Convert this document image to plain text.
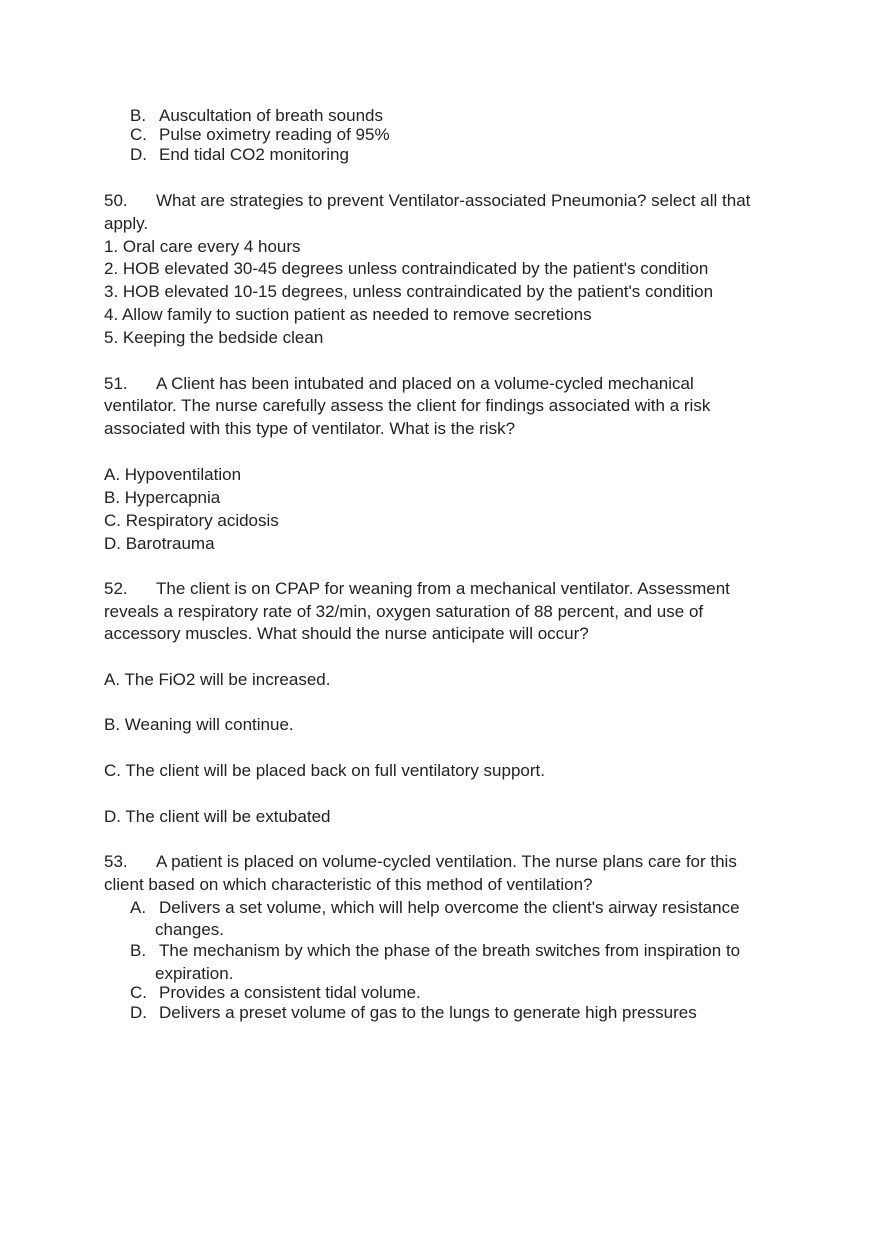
B. Auscultation of breath sounds
C. Pulse oximetry reading of 95%
D. End tidal CO2 monitoring
50. What are strategies to prevent Ventilator-associated Pneumonia? select all that
apply.
1. Oral care every 4 hours
2. HOB elevated 30-45 degrees unless contraindicated by the patient's condition
3. HOB elevated 10-15 degrees, unless contraindicated by the patient's condition
4. Allow family to suction patient as needed to remove secretions
5. Keeping the bedside clean
51. A Client has been intubated and placed on a volume-cycled mechanical
ventilator. The nurse carefully assess the client for findings associated with a risk
associated with this type of ventilator. What is the risk?
A. Hypoventilation
B. Hypercapnia
C. Respiratory acidosis
D. Barotrauma
52. The client is on CPAP for weaning from a mechanical ventilator. Assessment
reveals a respiratory rate of 32/min, oxygen saturation of 88 percent, and use of
accessory muscles. What should the nurse anticipate will occur?
A. The FiO2 will be increased.
B. Weaning will continue.
C. The client will be placed back on full ventilatory support.
D. The client will be extubated
53. A patient is placed on volume-cycled ventilation. The nurse plans care for this
client based on which characteristic of this method of ventilation?
A. Delivers a set volume, which will help overcome the client's airway resistance
changes.
B. The mechanism by which the phase of the breath switches from inspiration to
expiration.
C. Provides a consistent tidal volume.
D. Delivers a preset volume of gas to the lungs to generate high pressures
